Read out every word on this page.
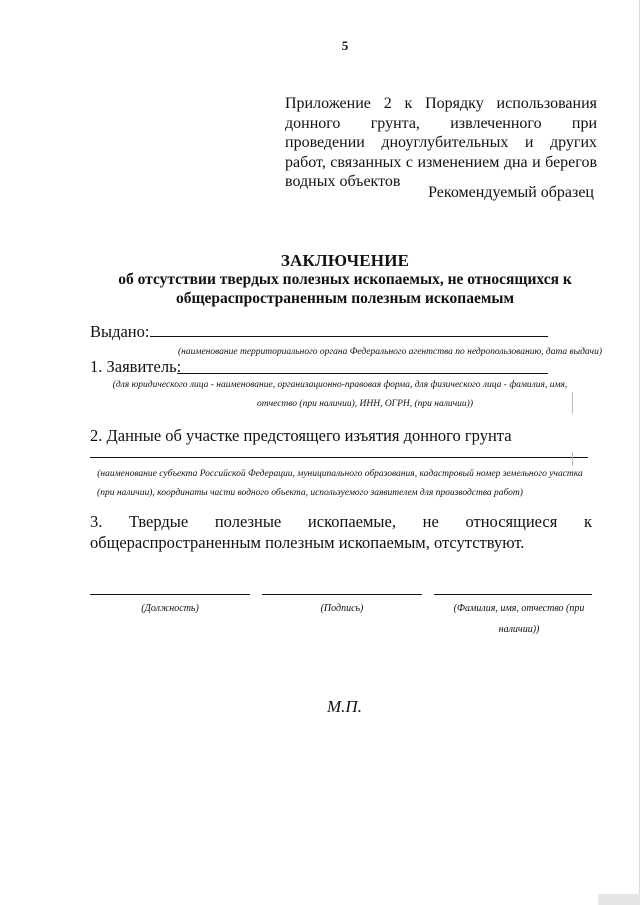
5
Приложение 2 к Порядку использования донного грунта, извлеченного при проведении дноуглубительных и других работ, связанных с изменением дна и берегов водных объектов
Рекомендуемый образец
ЗАКЛЮЧЕНИЕ
об отсутствии твердых полезных ископаемых, не относящихся к общераспространенным полезным ископаемым
Выдано:
(наименование территориального органа Федерального агентства по недропользованию, дата выдачи)
1. Заявитель:
(для юридического лица - наименование, организационно-правовая форма, для физического лица - фамилия, имя,
отчество (при наличии), ИНН, ОГРН, (при наличии))
2. Данные об участке предстоящего изъятия донного грунта
(наименование субъекта Российской Федерации, муниципального образования, кадастровый номер земельного участка
(при наличии), координаты части водного объекта, используемого заявителем для производства работ)
3. Твердые полезные ископаемые, не относящиеся к общераспространенным полезным ископаемым, отсутствуют.
(Должность)	(Подпись)	(Фамилия, имя, отчество (при
наличии))
М.П.
